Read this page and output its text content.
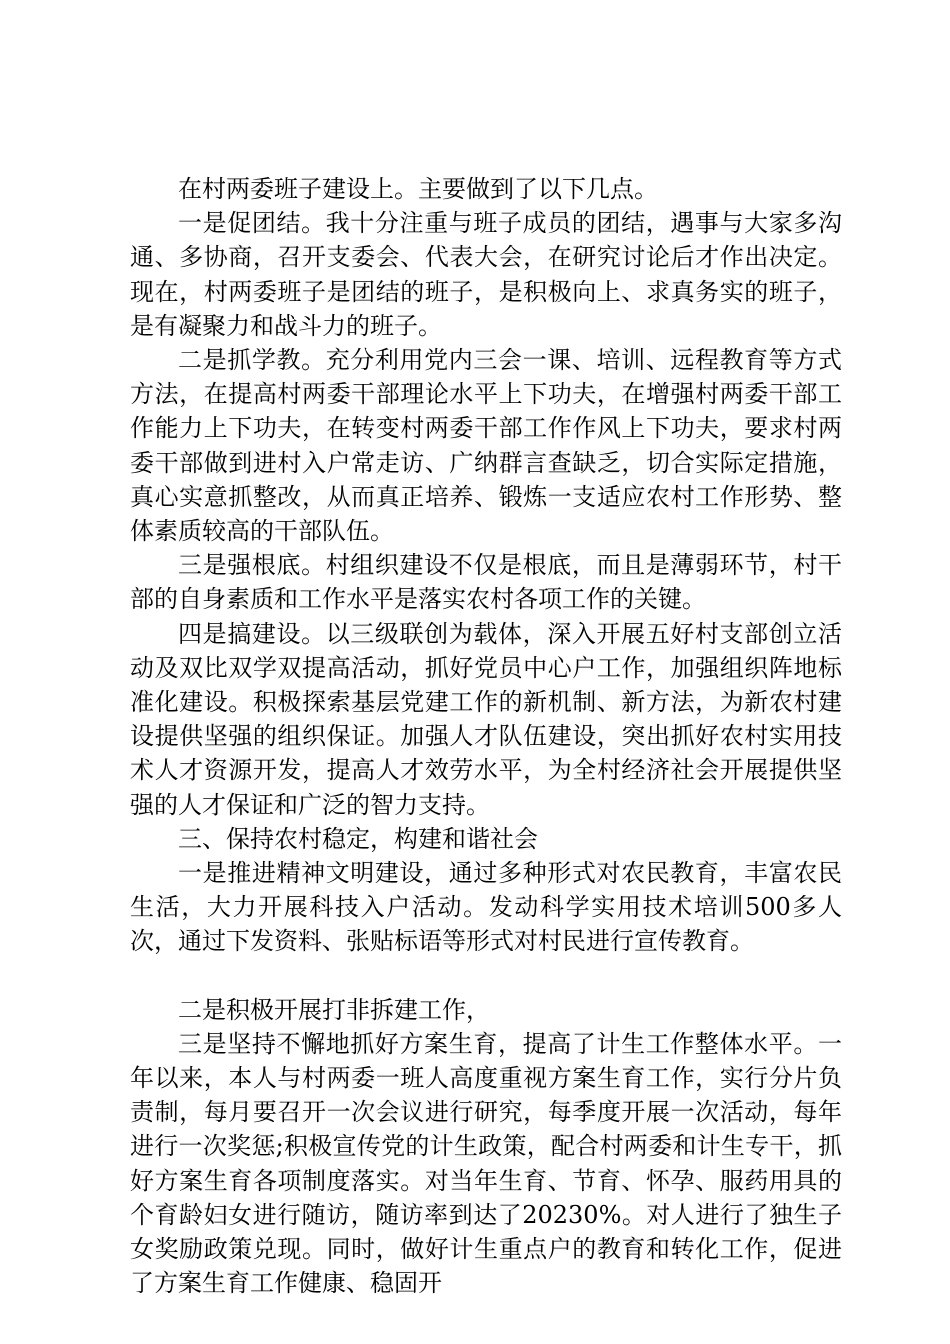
在村两委班子建设上。主要做到了以下几点。

一是促团结。我十分注重与班子成员的团结，遇事与大家多沟通、多协商，召开支委会、代表大会，在研究讨论后才作出决定。现在，村两委班子是团结的班子，是积极向上、求真务实的班子，是有凝聚力和战斗力的班子。

二是抓学教。充分利用党内三会一课、培训、远程教育等方式方法，在提高村两委干部理论水平上下功夫，在增强村两委干部工作能力上下功夫，在转变村两委干部工作作风上下功夫，要求村两委干部做到进村入户常走访、广纳群言查缺乏，切合实际定措施，真心实意抓整改，从而真正培养、锻炼一支适应农村工作形势、整体素质较高的干部队伍。

三是强根底。村组织建设不仅是根底，而且是薄弱环节，村干部的自身素质和工作水平是落实农村各项工作的关键。

四是搞建设。以三级联创为载体，深入开展五好村支部创立活动及双比双学双提高活动，抓好党员中心户工作，加强组织阵地标准化建设。积极探索基层党建工作的新机制、新方法，为新农村建设提供坚强的组织保证。加强人才队伍建设，突出抓好农村实用技术人才资源开发，提高人才效劳水平，为全村经济社会开展提供坚强的人才保证和广泛的智力支持。

三、保持农村稳定，构建和谐社会

一是推进精神文明建设，通过多种形式对农民教育，丰富农民生活，大力开展科技入户活动。发动科学实用技术培训500多人次，通过下发资料、张贴标语等形式对村民进行宣传教育。

二是积极开展打非拆建工作，

三是坚持不懈地抓好方案生育，提高了计生工作整体水平。一年以来，本人与村两委一班人高度重视方案生育工作，实行分片负责制，每月要召开一次会议进行研究，每季度开展一次活动，每年进行一次奖惩;积极宣传党的计生政策，配合村两委和计生专干，抓好方案生育各项制度落实。对当年生育、节育、怀孕、服药用具的个育龄妇女进行随访，随访率到达了20230%。对人进行了独生子女奖励政策兑现。同时，做好计生重点户的教育和转化工作，促进了方案生育工作健康、稳固开
